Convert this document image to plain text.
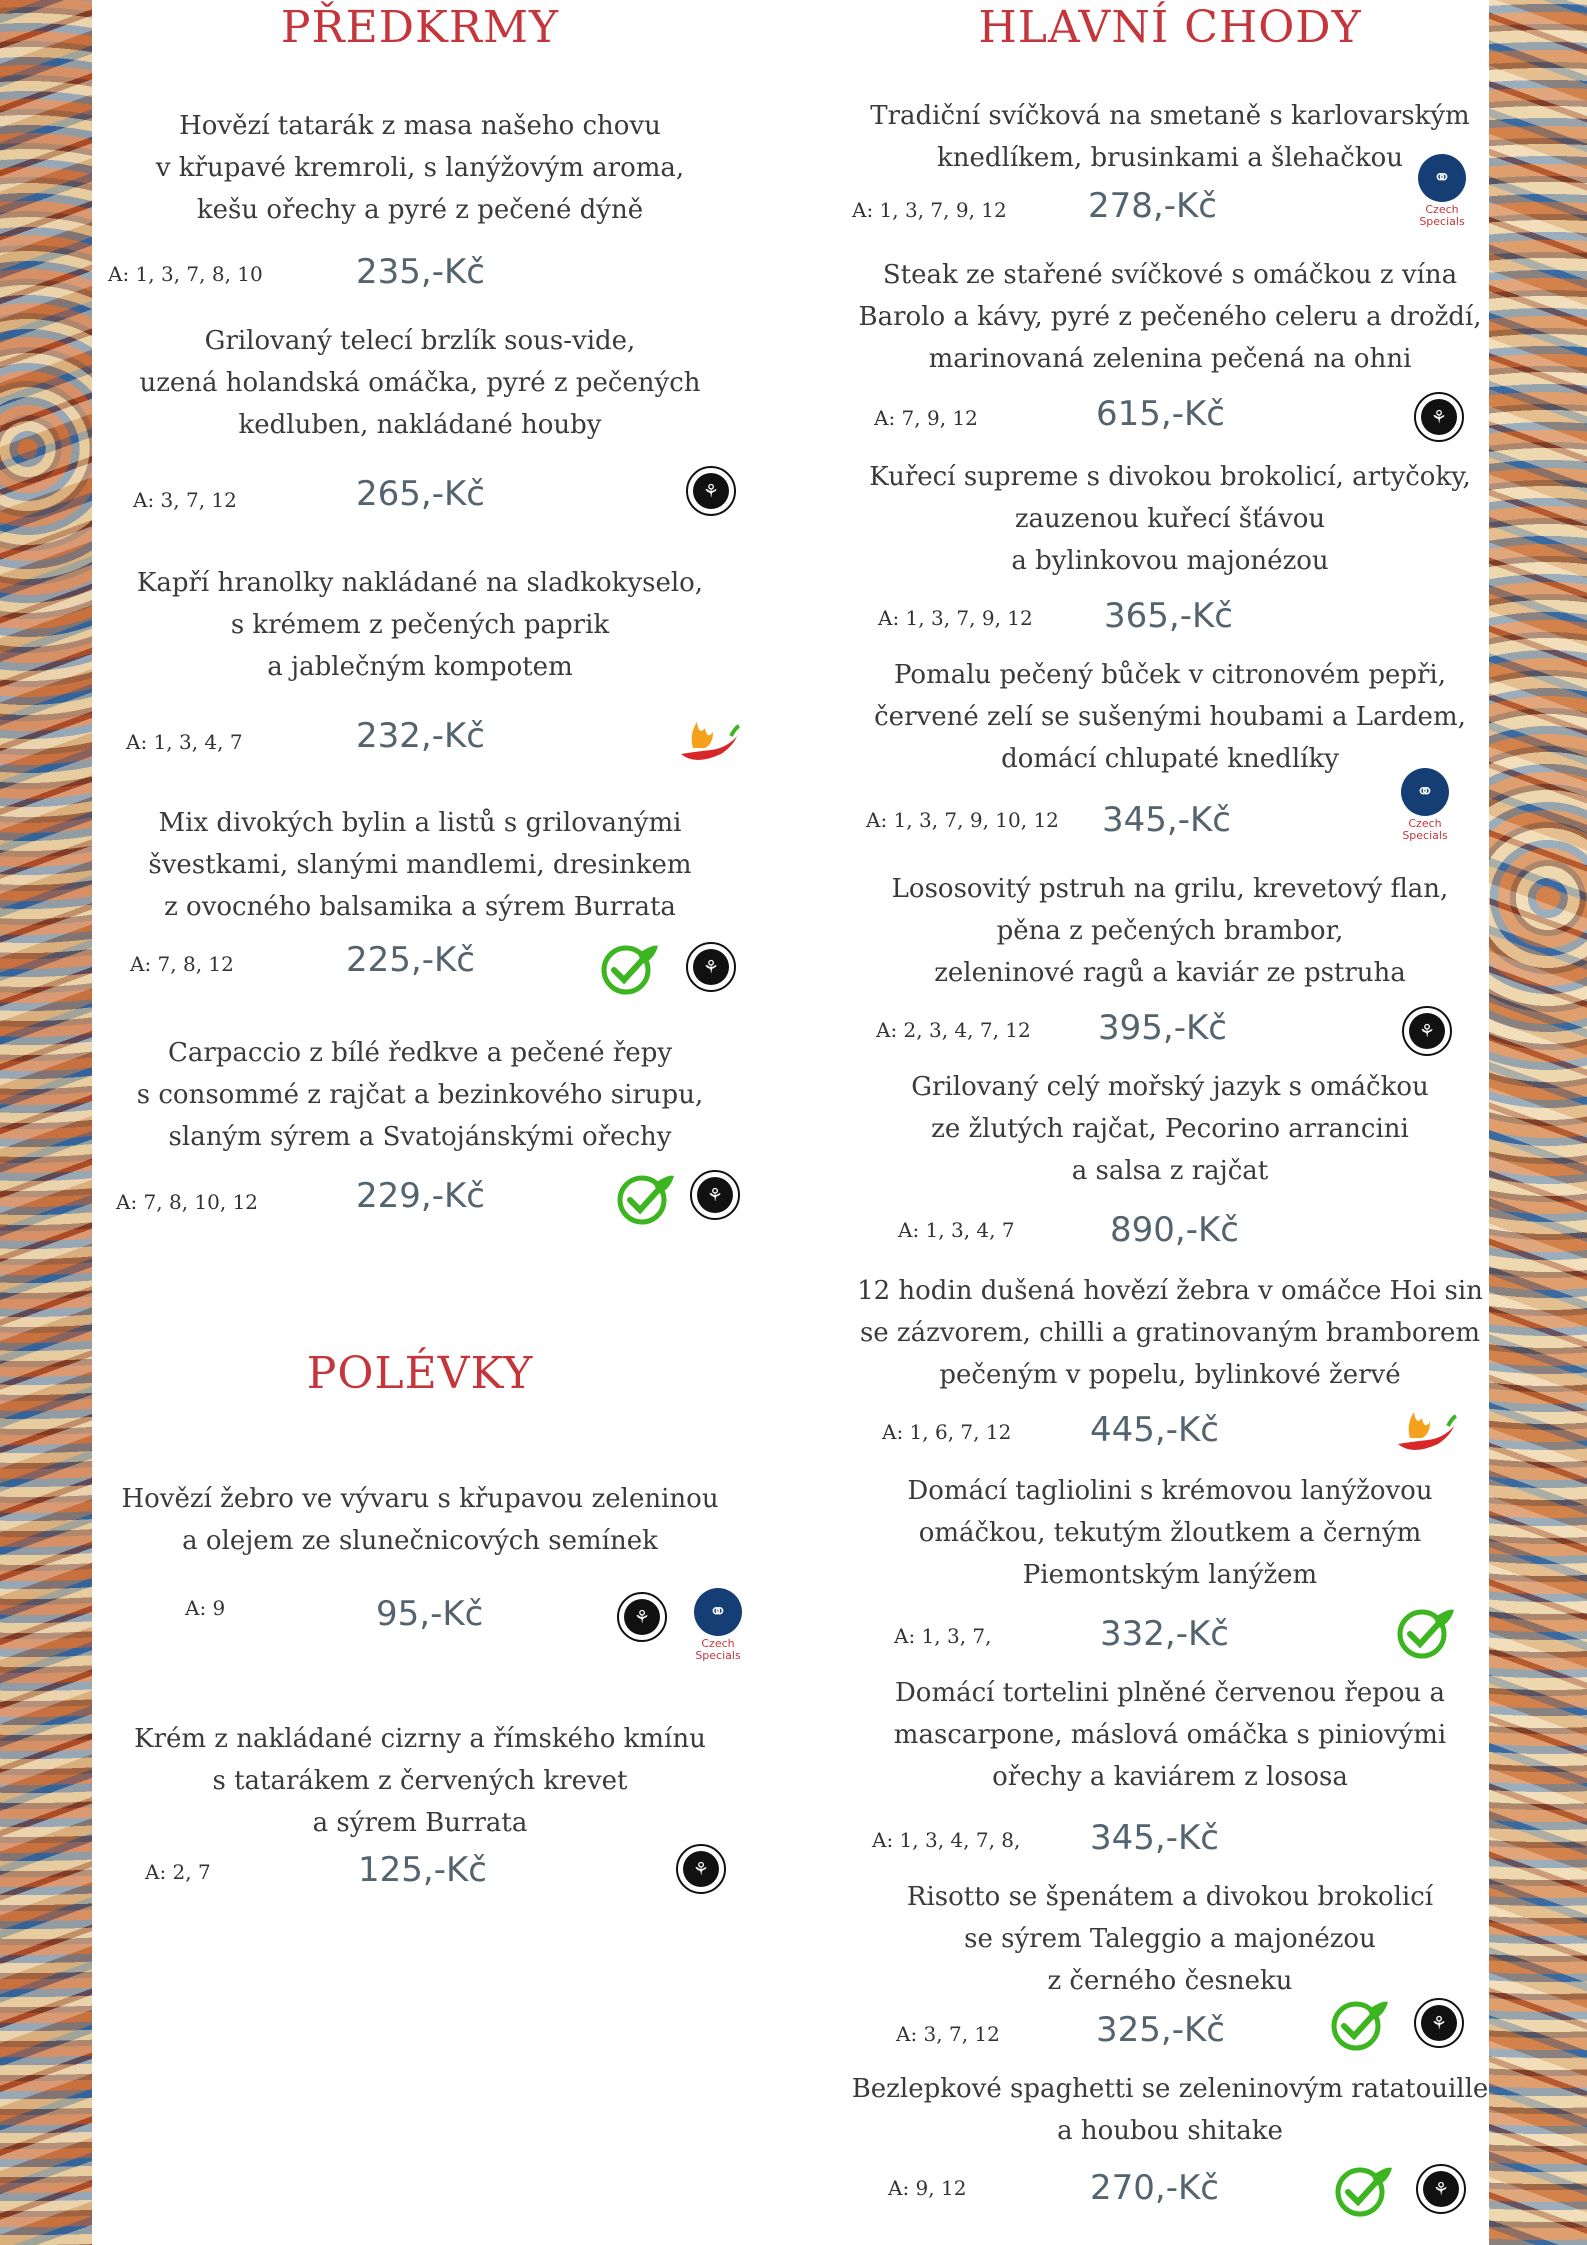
PŘEDKRMY	HLAVNÍ CHODY
POLÉVKY
Hovězí tatarák z masa našeho chovu
v křupavé kremroli, s lanýžovým aroma,
kešu ořechy a pyré z pečené dýně
A: 1, 3, 7, 8, 10	235,-Kč
Grilovaný telecí brzlík sous-vide,
uzená holandská omáčka, pyré z pečených
kedluben, nakládané houby
A: 3, 7, 12	265,-Kč	⚘
Kapří hranolky nakládané na sladkokyselo,
s krémem z pečených paprik
a jablečným kompotem
A: 1, 3, 4, 7	232,-Kč
Mix divokých bylin a listů s grilovanými
švestkami, slanými mandlemi, dresinkem
z ovocného balsamika a sýrem Burrata
A: 7, 8, 12	225,-Kč	⚘
Carpaccio z bílé ředkve a pečené řepy
s consommé z rajčat a bezinkového sirupu,
slaným sýrem a Svatojánskými ořechy
A: 7, 8, 10, 12	229,-Kč	⚘
Hovězí žebro ve vývaru s křupavou zeleninou
a olejem ze slunečnicových semínek
A: 9	95,-Kč	⚘	⚭
Czech Specials
Krém z nakládané cizrny a římského kmínu
s tatarákem z červených krevet
a sýrem Burrata
A: 2, 7	125,-Kč	⚘
Tradiční svíčková na smetaně s karlovarským
knedlíkem, brusinkami a šlehačkou
A: 1, 3, 7, 9, 12 278,-Kč
⚭
Czech Specials
Steak ze stařené svíčkové s omáčkou z vína
Barolo a kávy, pyré z pečeného celeru a droždí,
marinovaná zelenina pečená na ohni
A: 7, 9, 12	615,-Kč	⚘
Kuřecí supreme s divokou brokolicí, artyčoky,
zauzenou kuřecí šťávou
a bylinkovou majonézou
A: 1, 3, 7, 9, 12 365,-Kč
Pomalu pečený bůček v citronovém pepři,
červené zelí se sušenými houbami a Lardem,
domácí chlupaté knedlíky
A: 1, 3, 7, 9, 10, 12 345,-Kč
⚭
Czech Specials
Lososovitý pstruh na grilu, krevetový flan,
pěna z pečených brambor,
zeleninové ragů a kaviár ze pstruha
A: 2, 3, 4, 7, 12 395,-Kč	⚘
Grilovaný celý mořský jazyk s omáčkou
ze žlutých rajčat, Pecorino arrancini
a salsa z rajčat
A: 1, 3, 4, 7	890,-Kč
12 hodin dušená hovězí žebra v omáčce Hoi sin
se zázvorem, chilli a gratinovaným bramborem
pečeným v popelu, bylinkové žervé
A: 1, 6, 7, 12 445,-Kč
Domácí tagliolini s krémovou lanýžovou
omáčkou, tekutým žloutkem a černým
Piemontským lanýžem
A: 1, 3, 7,	332,-Kč
Domácí tortelini plněné červenou řepou a
mascarpone, máslová omáčka s piniovými
ořechy a kaviárem z lososa
A: 1, 3, 4, 7, 8, 345,-Kč
Risotto se špenátem a divokou brokolicí
se sýrem Taleggio a majonézou
z černého česneku
A: 3, 7, 12	325,-Kč	⚘
Bezlepkové spaghetti se zeleninovým ratatouille
a houbou shitake
A: 9, 12	270,-Kč	⚘
